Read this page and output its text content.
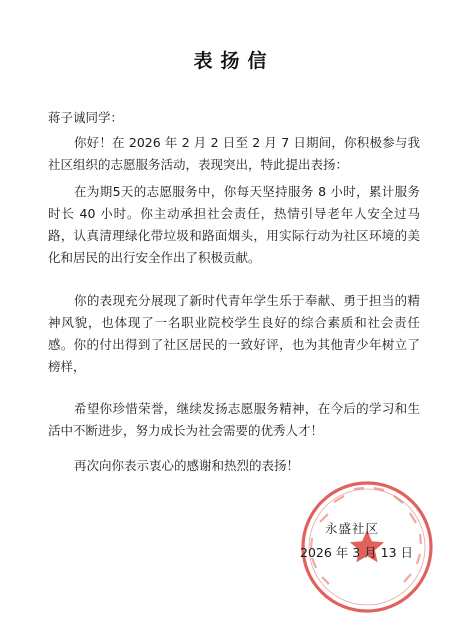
表扬信
蒋子诚同学：
你好！在 2026 年 2 月 2 日至 2 月 7 日期间，你积极参与我社区组织的志愿服务活动，表现突出，特此提出表扬：
在为期5天的志愿服务中，你每天坚持服务 8 小时，累计服务时长 40 小时。你主动承担社会责任，热情引导老年人安全过马路，认真清理绿化带垃圾和路面烟头，用实际行动为社区环境的美化和居民的出行安全作出了积极贡献。
你的表现充分展现了新时代青年学生乐于奉献、勇于担当的精神风貌，也体现了一名职业院校学生良好的综合素质和社会责任感。你的付出得到了社区居民的一致好评，也为其他青少年树立了榜样，
希望你珍惜荣誉，继续发扬志愿服务精神，在今后的学习和生活中不断进步，努力成长为社会需要的优秀人才！
再次向你表示衷心的感谢和热烈的表扬！
永盛社区
2026 年 3 月 13 日
